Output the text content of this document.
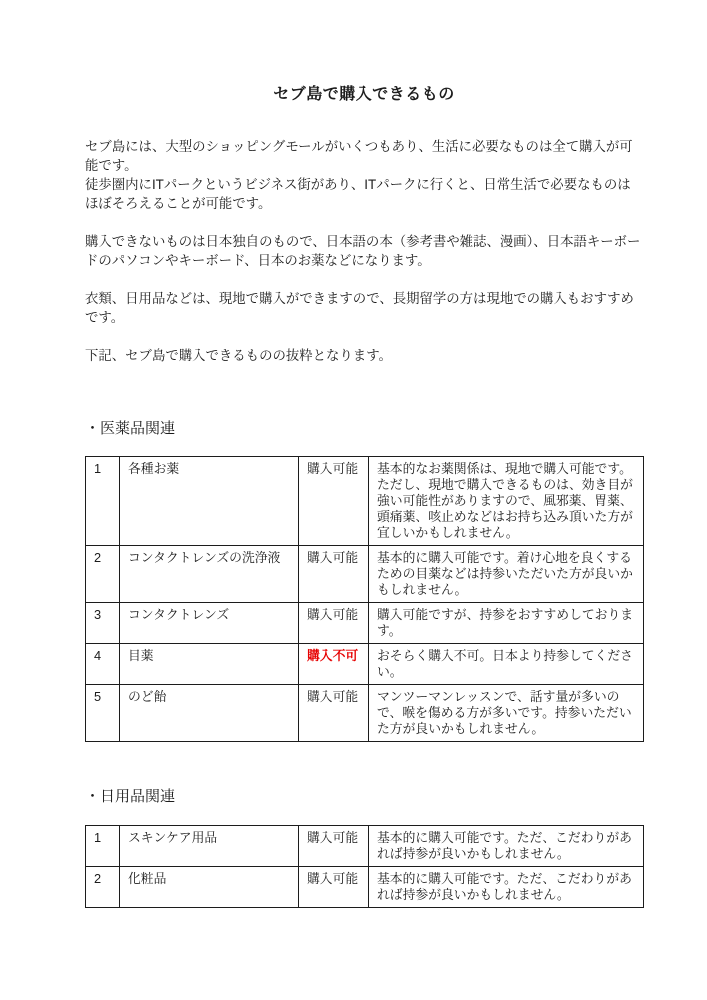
セブ島で購入できるもの

セブ島には、大型のショッピングモールがいくつもあり、生活に必要なものは全て購入が可能です。
徒歩圏内にITパークというビジネス街があり、ITパークに行くと、日常生活で必要なものはほぼそろえることが可能です。

購入できないものは日本独自のもので、日本語の本（参考書や雑誌、漫画）、日本語キーボードのパソコンやキーボード、日本のお薬などになります。

衣類、日用品などは、現地で購入ができますので、長期留学の方は現地での購入もおすすめです。

下記、セブ島で購入できるものの抜粋となります。

・医薬品関連

1	各種お薬	購入可能	基本的なお薬関係は、現地で購入可能です。ただし、現地で購入できるものは、効き目が強い可能性がありますので、風邪薬、胃薬、頭痛薬、咳止めなどはお持ち込み頂いた方が宜しいかもしれません。
2	コンタクトレンズの洗浄液	購入可能	基本的に購入可能です。着け心地を良くするための目薬などは持参いただいた方が良いかもしれません。
3	コンタクトレンズ	購入可能	購入可能ですが、持参をおすすめしております。
4	目薬	購入不可	おそらく購入不可。日本より持参してください。
5	のど飴	購入可能	マンツーマンレッスンで、話す量が多いので、喉を傷める方が多いです。持参いただいた方が良いかもしれません。

・日用品関連

1	スキンケア用品	購入可能	基本的に購入可能です。ただ、こだわりがあれば持参が良いかもしれません。
2	化粧品	購入可能	基本的に購入可能です。ただ、こだわりがあれば持参が良いかもしれません。
